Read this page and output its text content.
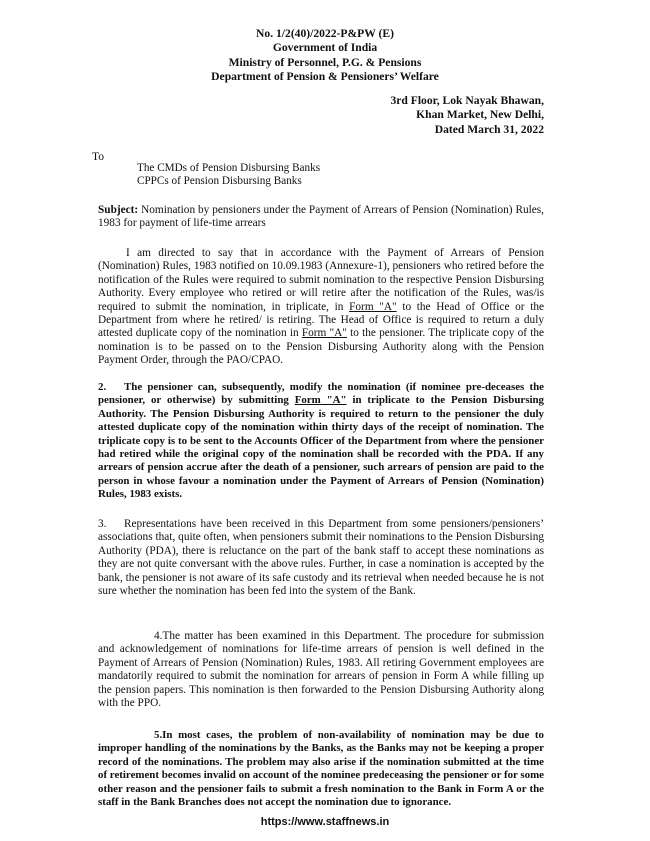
No. 1/2(40)/2022-P&PW (E)
Government of India
Ministry of Personnel, P.G. & Pensions
Department of Pension & Pensioners’ Welfare
3rd Floor, Lok Nayak Bhawan,
Khan Market, New Delhi,
Dated March 31, 2022
To
The CMDs of Pension Disbursing Banks
CPPCs of Pension Disbursing Banks
Subject: Nomination by pensioners under the Payment of Arrears of Pension (Nomination) Rules, 1983 for payment of life-time arrears
I am directed to say that in accordance with the Payment of Arrears of Pension (Nomination) Rules, 1983 notified on 10.09.1983 (Annexure-1), pensioners who retired before the notification of the Rules were required to submit nomination to the respective Pension Disbursing Authority. Every employee who retired or will retire after the notification of the Rules, was/is required to submit the nomination, in triplicate, in Form "A" to the Head of Office or the Department from where he retired/ is retiring. The Head of Office is required to return a duly attested duplicate copy of the nomination in Form "A" to the pensioner. The triplicate copy of the nomination is to be passed on to the Pension Disbursing Authority along with the Pension Payment Order, through the PAO/CPAO.
2. The pensioner can, subsequently, modify the nomination (if nominee pre-deceases the pensioner, or otherwise) by submitting Form "A" in triplicate to the Pension Disbursing Authority. The Pension Disbursing Authority is required to return to the pensioner the duly attested duplicate copy of the nomination within thirty days of the receipt of nomination. The triplicate copy is to be sent to the Accounts Officer of the Department from where the pensioner had retired while the original copy of the nomination shall be recorded with the PDA. If any arrears of pension accrue after the death of a pensioner, such arrears of pension are paid to the person in whose favour a nomination under the Payment of Arrears of Pension (Nomination) Rules, 1983 exists.
3. Representations have been received in this Department from some pensioners/pensioners’ associations that, quite often, when pensioners submit their nominations to the Pension Disbursing Authority (PDA), there is reluctance on the part of the bank staff to accept these nominations as they are not quite conversant with the above rules. Further, in case a nomination is accepted by the bank, the pensioner is not aware of its safe custody and its retrieval when needed because he is not sure whether the nomination has been fed into the system of the Bank.
4.The matter has been examined in this Department. The procedure for submission and acknowledgement of nominations for life-time arrears of pension is well defined in the Payment of Arrears of Pension (Nomination) Rules, 1983. All retiring Government employees are mandatorily required to submit the nomination for arrears of pension in Form A while filling up the pension papers. This nomination is then forwarded to the Pension Disbursing Authority along with the PPO.
5.In most cases, the problem of non-availability of nomination may be due to improper handling of the nominations by the Banks, as the Banks may not be keeping a proper record of the nominations. The problem may also arise if the nomination submitted at the time of retirement becomes invalid on account of the nominee predeceasing the pensioner or for some other reason and the pensioner fails to submit a fresh nomination to the Bank in Form A or the staff in the Bank Branches does not accept the nomination due to ignorance.
https://www.staffnews.in
